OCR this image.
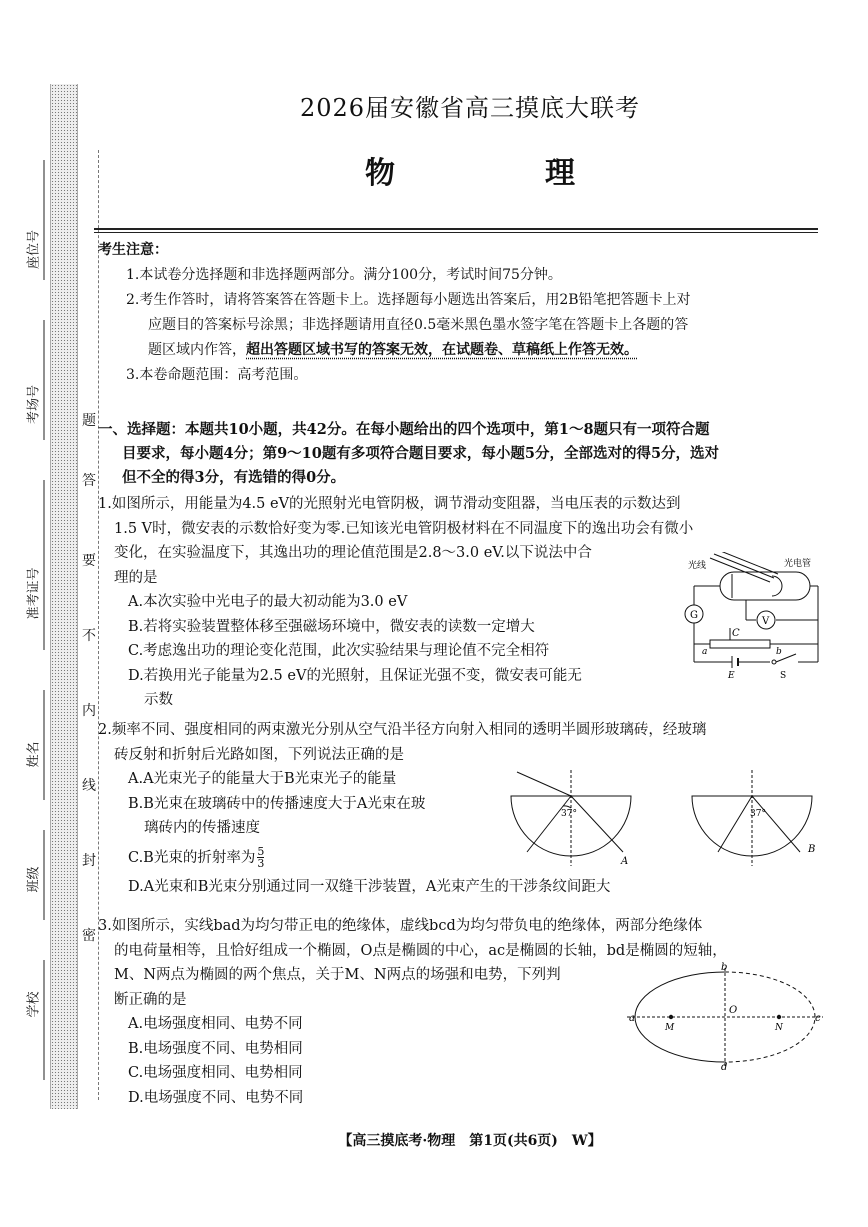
座位号
考场号
准考证号
姓名
班级
学校
题
答
要
不
内
线
封
密
2026届安徽省高三摸底大联考
物　理

考生注意：

1.本试卷分选择题和非选择题两部分。满分100分，考试时间75分钟。

2.考生作答时，请将答案答在答题卡上。选择题每小题选出答案后，用2B铅笔把答题卡上对

应题目的答案标号涂黑；非选择题请用直径0.5毫米黑色墨水签字笔在答题卡上各题的答

题区域内作答，超出答题区域书写的答案无效，在试题卷、草稿纸上作答无效。

3.本卷命题范围：高考范围。

一、选择题：本题共10小题，共42分。在每小题给出的四个选项中，第1～8题只有一项符合题

目要求，每小题4分；第9～10题有多项符合题目要求，每小题5分，全部选对的得5分，选对

但不全的得3分，有选错的得0分。

1.如图所示，用能量为4.5 eV的光照射光电管阴极，调节滑动变阻器，当电压表的示数达到

1.5 V时，微安表的示数恰好变为零.已知该光电管阴极材料在不同温度下的逸出功会有微小

变化，在实验温度下，其逸出功的理论值范围是2.8～3.0 eV.以下说法中合

理的是

A.本次实验中光电子的最大初动能为3.0 eV

B.若将实验装置整体移至强磁场环境中，微安表的读数一定增大

C.考虑逸出功的理论变化范围，此次实验结果与理论值不完全相符

D.若换用光子能量为2.5 eV的光照射，且保证光强不变，微安表可能无

示数

光线	光电管
G
V
C
a	b
E	S

2.频率不同、强度相同的两束激光分别从空气沿半径方向射入相同的透明半圆形玻璃砖，经玻璃

砖反射和折射后光路如图，下列说法正确的是

A.A光束光子的能量大于B光束光子的能量

B.B光束在玻璃砖中的传播速度大于A光束在玻

璃砖内的传播速度

C.B光束的折射率为 $\frac{5}{3}$

D.A光束和B光束分别通过同一双缝干涉装置，A光束产生的干涉条纹间距大

37°
A
37°
B

3.如图所示，实线bad为均匀带正电的绝缘体，虚线bcd为均匀带负电的绝缘体，两部分绝缘体

的电荷量相等，且恰好组成一个椭圆，O点是椭圆的中心，ac是椭圆的长轴，bd是椭圆的短轴，

M、N两点为椭圆的两个焦点，关于M、N两点的场强和电势，下列判

断正确的是

A.电场强度相同、电势不同

B.电场强度不同、电势相同

C.电场强度相同、电势相同

D.电场强度不同、电势不同

a
b
c
d
O
M	N
【高三摸底考·物理　第1页(共6页)　W】
